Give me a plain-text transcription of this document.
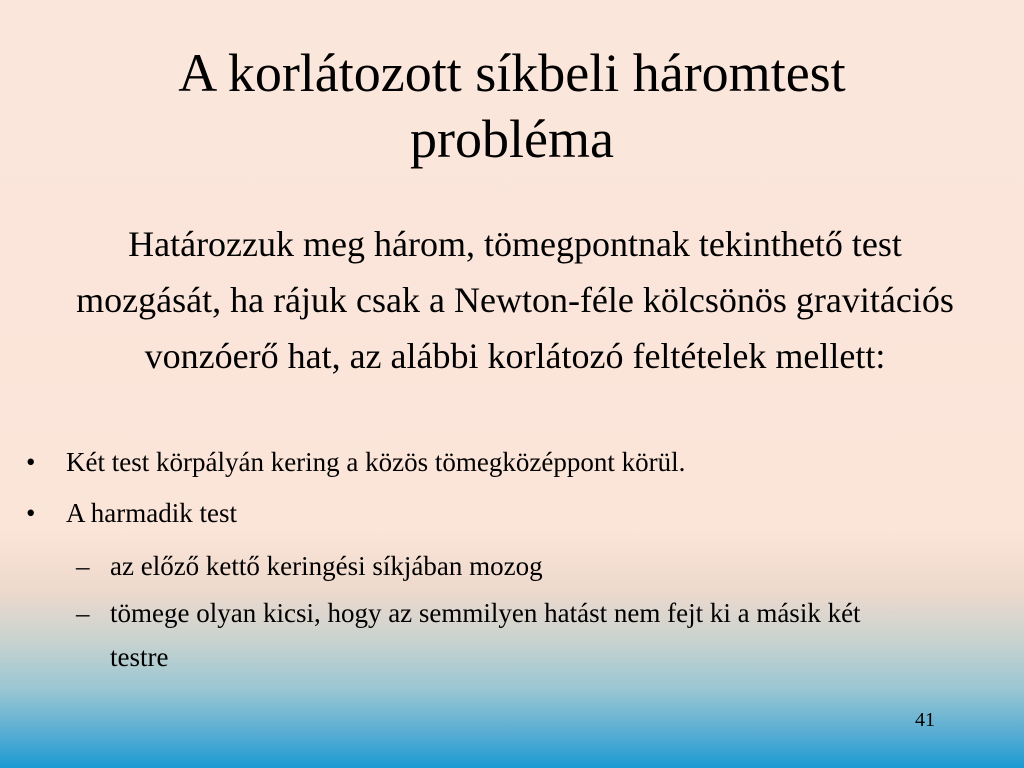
A korlátozott síkbeli háromtest
probléma

Határozzuk meg három, tömegpontnak tekinthető test mozgását, ha rájuk csak a Newton-féle kölcsönös gravitációs vonzóerő hat, az alábbi korlátozó feltételek mellett:

• Két test körpályán kering a közös tömegközéppont körül.
• A harmadik test
– az előző kettő keringési síkjában mozog
– tömege olyan kicsi, hogy az semmilyen hatást nem fejt ki a másik két testre
41
